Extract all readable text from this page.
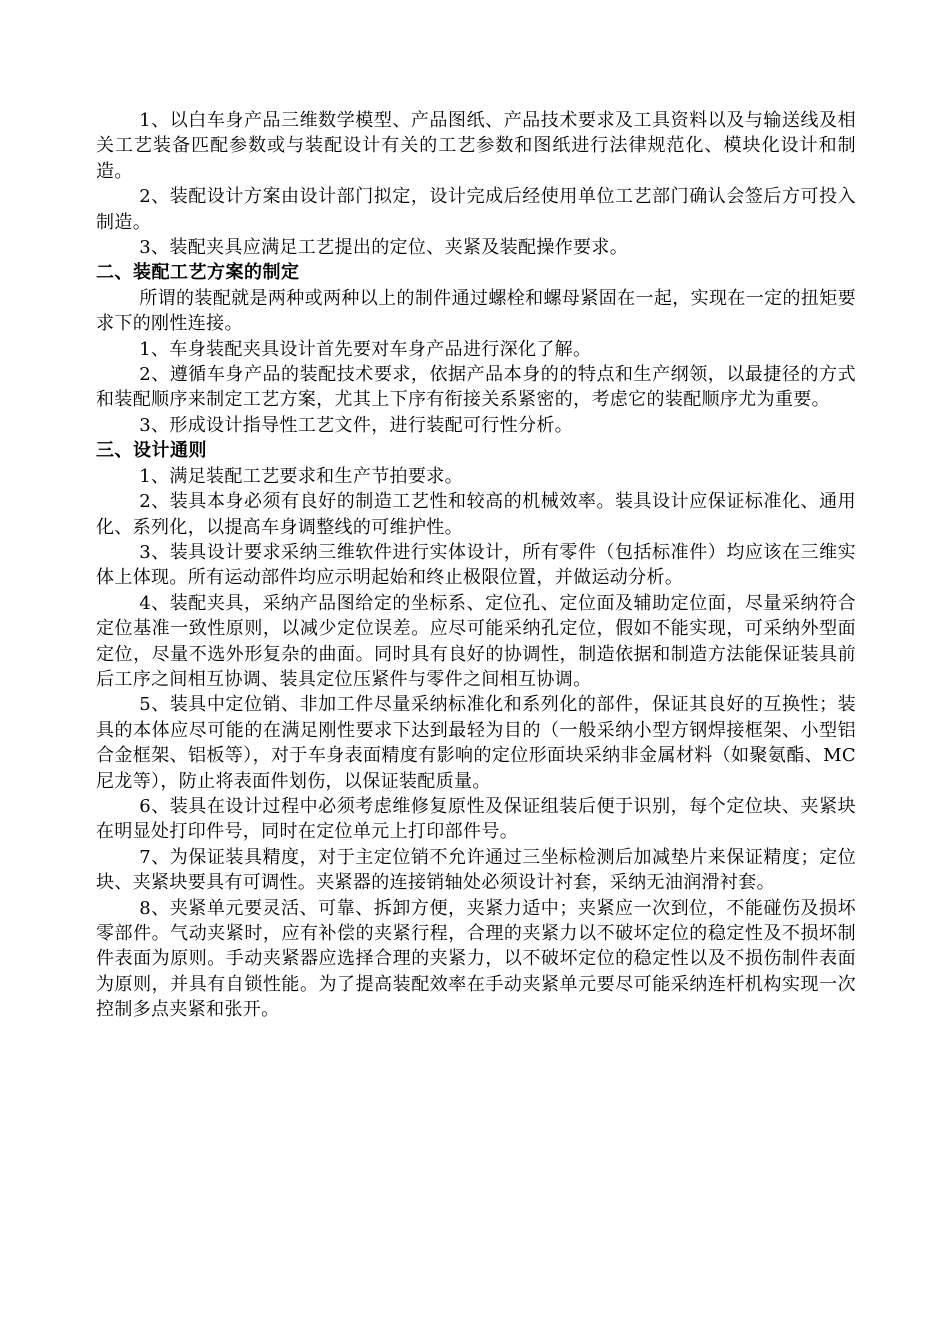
1、以白车身产品三维数学模型、产品图纸、产品技术要求及工具资料以及与输送线及相关工艺装备匹配参数或与装配设计有关的工艺参数和图纸进行法律规范化、模块化设计和制造。

2、装配设计方案由设计部门拟定，设计完成后经使用单位工艺部门确认会签后方可投入制造。

3、装配夹具应满足工艺提出的定位、夹紧及装配操作要求。

二、装配工艺方案的制定

所谓的装配就是两种或两种以上的制件通过螺栓和螺母紧固在一起，实现在一定的扭矩要求下的刚性连接。

1、车身装配夹具设计首先要对车身产品进行深化了解。

2、遵循车身产品的装配技术要求，依据产品本身的的特点和生产纲领，以最捷径的方式和装配顺序来制定工艺方案，尤其上下序有衔接关系紧密的，考虑它的装配顺序尤为重要。

3、形成设计指导性工艺文件，进行装配可行性分析。

三、设计通则

1、满足装配工艺要求和生产节拍要求。

2、装具本身必须有良好的制造工艺性和较高的机械效率。装具设计应保证标准化、通用化、系列化，以提高车身调整线的可维护性。

3、装具设计要求采纳三维软件进行实体设计，所有零件（包括标准件）均应该在三维实体上体现。所有运动部件均应示明起始和终止极限位置，并做运动分析。

4、装配夹具，采纳产品图给定的坐标系、定位孔、定位面及辅助定位面，尽量采纳符合定位基准一致性原则，以减少定位误差。应尽可能采纳孔定位，假如不能实现，可采纳外型面定位，尽量不选外形复杂的曲面。同时具有良好的协调性，制造依据和制造方法能保证装具前后工序之间相互协调、装具定位压紧件与零件之间相互协调。

5、装具中定位销、非加工件尽量采纳标准化和系列化的部件，保证其良好的互换性；装具的本体应尽可能的在满足刚性要求下达到最轻为目的（一般采纳小型方钢焊接框架、小型铝合金框架、铝板等），对于车身表面精度有影响的定位形面块采纳非金属材料（如聚氨酯、MC尼龙等），防止将表面件划伤，以保证装配质量。

6、装具在设计过程中必须考虑维修复原性及保证组装后便于识别，每个定位块、夹紧块在明显处打印件号，同时在定位单元上打印部件号。

7、为保证装具精度，对于主定位销不允许通过三坐标检测后加减垫片来保证精度；定位块、夹紧块要具有可调性。夹紧器的连接销轴处必须设计衬套，采纳无油润滑衬套。

8、夹紧单元要灵活、可靠、拆卸方便，夹紧力适中；夹紧应一次到位，不能碰伤及损坏零部件。气动夹紧时，应有补偿的夹紧行程，合理的夹紧力以不破坏定位的稳定性及不损坏制件表面为原则。手动夹紧器应选择合理的夹紧力，以不破坏定位的稳定性以及不损伤制件表面为原则，并具有自锁性能。为了提高装配效率在手动夹紧单元要尽可能采纳连杆机构实现一次控制多点夹紧和张开。
